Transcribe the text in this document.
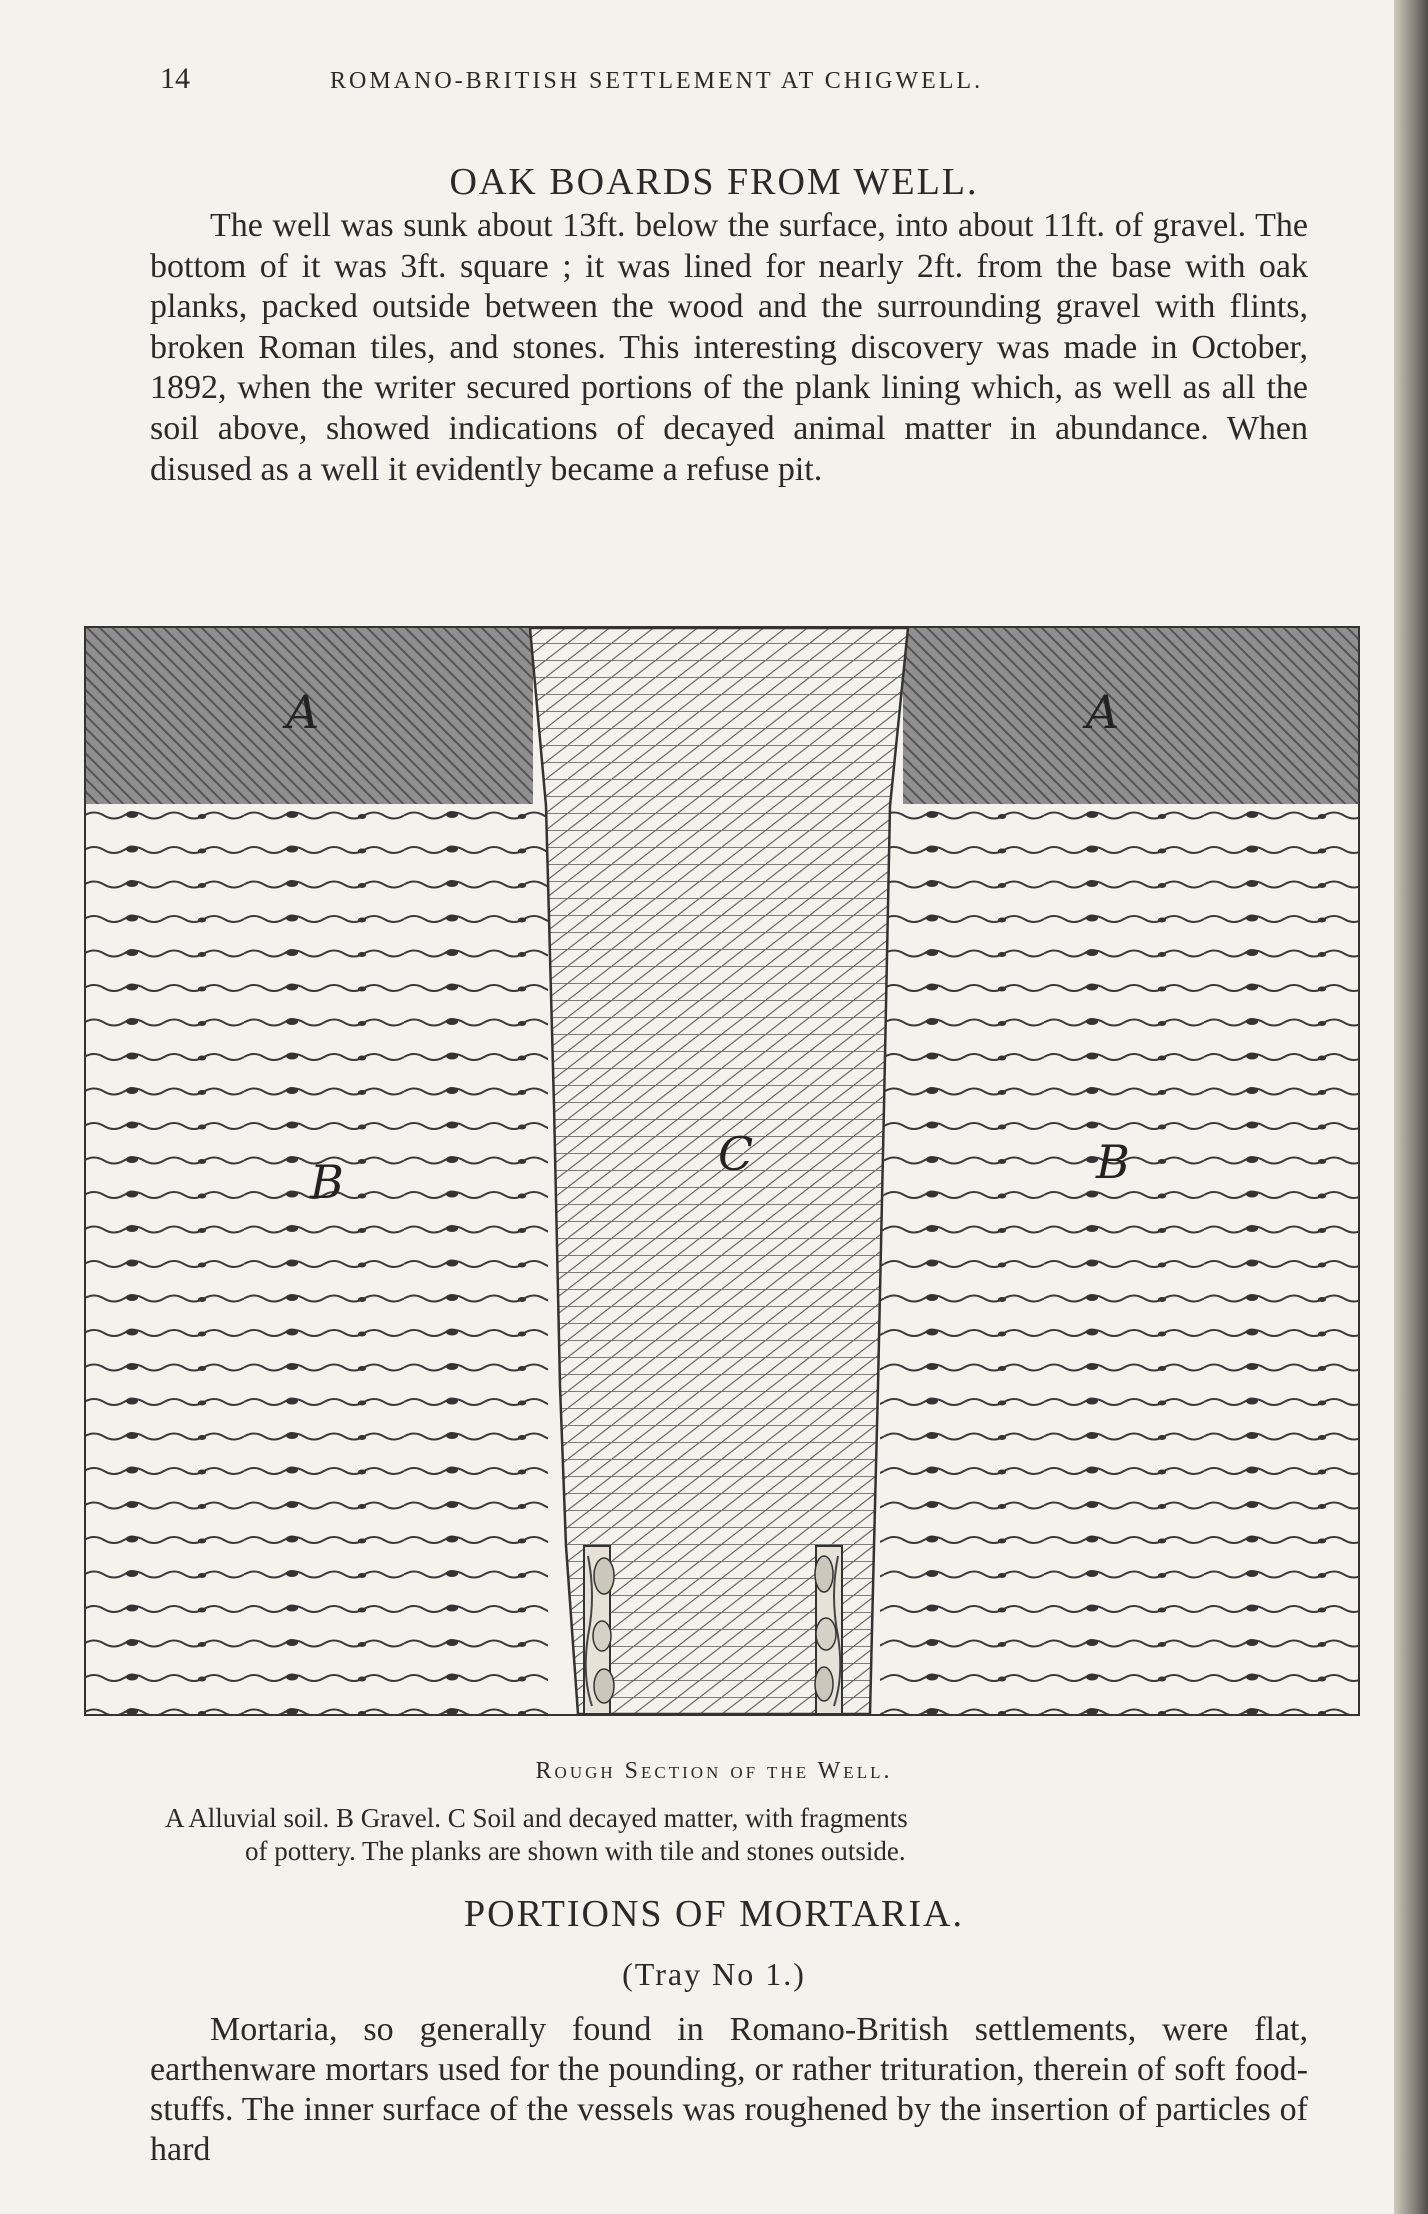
14	ROMANO-BRITISH SETTLEMENT AT CHIGWELL.
OAK BOARDS FROM WELL.

The well was sunk about 13ft. below the surface, into about 11ft. of gravel. The bottom of it was 3ft. square ; it was lined for nearly 2ft. from the base with oak planks, packed outside between the wood and the surrounding gravel with flints, broken Roman tiles, and stones. This interesting discovery was made in October, 1892, when the writer secured portions of the plank lining which, as well as all the soil above, showed indications of decayed animal matter in abundance. When disused as a well it evidently became a refuse pit.

A	A
B	B
C
Rough Section of the Well.

A Alluvial soil. B Gravel. C Soil and decayed matter, with fragments
of pottery. The planks are shown with tile and stones outside.

PORTIONS OF MORTARIA.
(Tray No 1.)

Mortaria, so generally found in Romano-British settlements, were flat, earthenware mortars used for the pounding, or rather trituration, therein of soft food-stuffs. The inner surface of the vessels was roughened by the insertion of particles of hard
